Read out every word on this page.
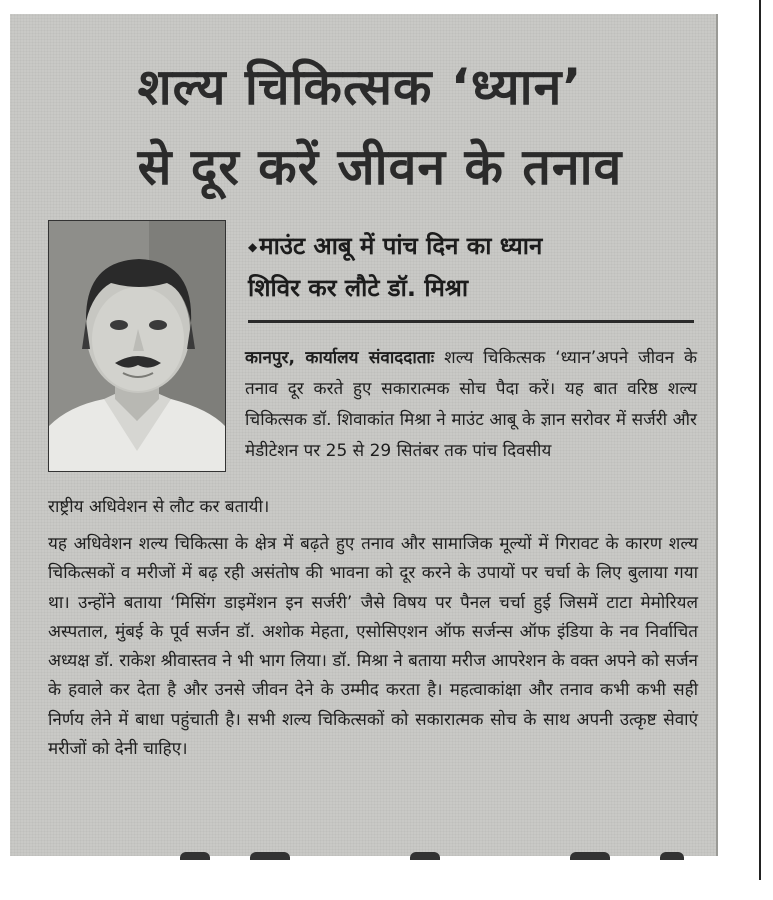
शल्य चिकित्सक ‘ध्यान’
से दूर करें जीवन के तनाव
◆माउंट आबू में पांच दिन का ध्यान
शिविर कर लौटे डॉ. मिश्रा

कानपुर, कार्यालय संवाददाताः शल्य चिकित्सक ‘ध्यान’अपने जीवन के तनाव दूर करते हुए सकारात्मक सोच पैदा करें। यह बात वरिष्ठ शल्य चिकित्सक डॉ. शिवाकांत मिश्रा ने माउंट आबू के ज्ञान सरोवर में सर्जरी और मेडीटेशन पर 25 से 29 सितंबर तक पांच दिवसीय

राष्ट्रीय अधिवेशन से लौट कर बतायी।

यह अधिवेशन शल्य चिकित्सा के क्षेत्र में बढ़ते हुए तनाव और सामाजिक मूल्यों में गिरावट के कारण शल्य चिकित्सकों व मरीजों में बढ़ रही असंतोष की भावना को दूर करने के उपायों पर चर्चा के लिए बुलाया गया था। उन्होंने बताया ‘मिसिंग डाइमेंशन इन सर्जरी’ जैसे विषय पर पैनल चर्चा हुई जिसमें टाटा मेमोरियल अस्पताल, मुंबई के पूर्व सर्जन डॉ. अशोक मेहता, एसोसिएशन ऑफ सर्जन्स ऑफ इंडिया के नव निर्वाचित अध्यक्ष डॉ. राकेश श्रीवास्तव ने भी भाग लिया। डॉ. मिश्रा ने बताया मरीज आपरेशन के वक्त अपने को सर्जन के हवाले कर देता है और उनसे जीवन देने के उम्मीद करता है। महत्वाकांक्षा और तनाव कभी कभी सही निर्णय लेने में बाधा पहुंचाती है। सभी शल्य चिकित्सकों को सकारात्मक सोच के साथ अपनी उत्कृष्ट सेवाएं मरीजों को देनी चाहिए।
